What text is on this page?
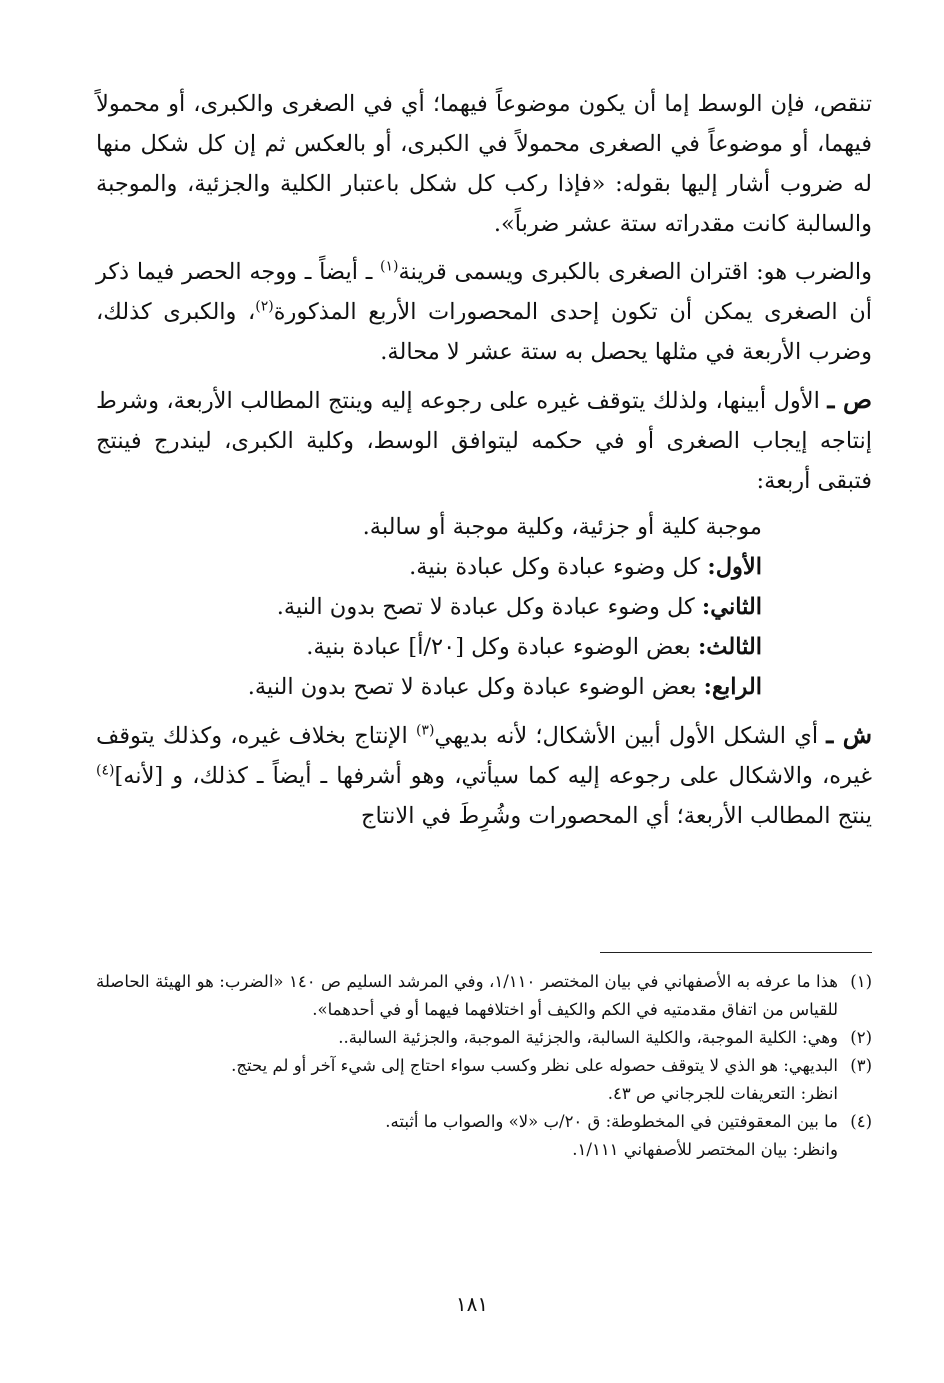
تنقص، فإن الوسط إما أن يكون موضوعاً فيهما؛ أي في الصغرى والكبرى، أو محمولاً فيهما، أو موضوعاً في الصغرى محمولاً في الكبرى، أو بالعكس ثم إن كل شكل منها له ضروب أشار إليها بقوله: «فإذا ركب كل شكل باعتبار الكلية والجزئية، والموجبة والسالبة كانت مقدراته ستة عشر ضرباً».

والضرب هو: اقتران الصغرى بالكبرى ويسمى قرينة$^{(١)}$ ـ أيضاً ـ ووجه الحصر فيما ذكر أن الصغرى يمكن أن تكون إحدى المحصورات الأربع المذكورة$^{(٢)}$، والكبرى كذلك، وضرب الأربعة في مثلها يحصل به ستة عشر لا محالة.

ص ـ الأول أبينها، ولذلك يتوقف غيره على رجوعه إليه وينتج المطالب الأربعة، وشرط إنتاجه إيجاب الصغرى أو في حكمه ليتوافق الوسط، وكلية الكبرى، ليندرج فينتج فتبقى أربعة:

موجبة كلية أو جزئية، وكلية موجبة أو سالبة.

الأول: كل وضوء عبادة وكل عبادة بنية.

الثاني: كل وضوء عبادة وكل عبادة لا تصح بدون النية.

الثالث: بعض الوضوء عبادة وكل [٢٠/أ] عبادة بنية.

الرابع: بعض الوضوء عبادة وكل عبادة لا تصح بدون النية.

ش ـ أي الشكل الأول أبين الأشكال؛ لأنه بديهي$^{(٣)}$ الإنتاج بخلاف غيره، وكذلك يتوقف غيره، والاشكال على رجوعه إليه كما سيأتي، وهو أشرفها ـ أيضاً ـ كذلك، و [لأنه]$^{(٤)}$ ينتج المطالب الأربعة؛ أي المحصورات وشُرِطَ في الانتاج

(١)
هذا ما عرفه به الأصفهاني في بيان المختصر ١/١١٠، وفي المرشد السليم ص ١٤٠ «الضرب: هو الهيئة الحاصلة للقياس من اتفاق مقدمتيه في الكم والكيف أو اختلافهما فيهما أو في أحدهما».
(٢)
وهي: الكلية الموجبة، والكلية السالبة، والجزئية الموجبة، والجزئية السالبة..
(٣)
البديهي: هو الذي لا يتوقف حصوله على نظر وكسب سواء احتاج إلى شيء آخر أو لم يحتج.
انظر: التعريفات للجرجاني ص ٤٣.
(٤)
ما بين المعقوفتين في المخطوطة: ق ٢٠/ب «لا» والصواب ما أثبته.
وانظر: بيان المختصر للأصفهاني ١/١١١.
١٨١
